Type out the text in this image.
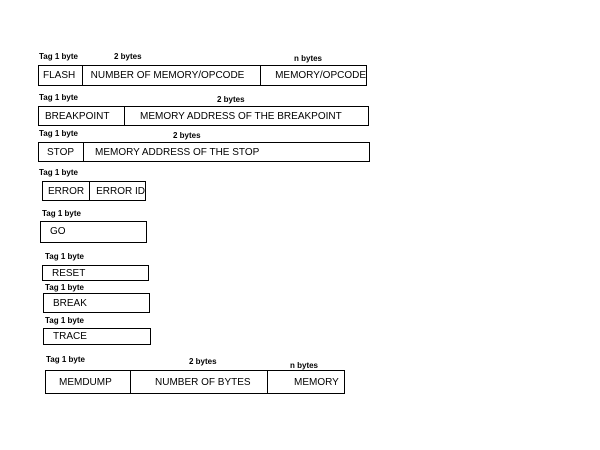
Tag 1 byte	2 bytes	n bytes
FLASH	NUMBER OF MEMORY/OPCODE	MEMORY/OPCODE
Tag 1 byte	2 bytes
BREAKPOINT	MEMORY ADDRESS OF THE BREAKPOINT
Tag 1 byte	2 bytes
STOP	MEMORY ADDRESS OF THE STOP
Tag 1 byte
ERROR	ERROR ID
Tag 1 byte
GO
Tag 1 byte
RESET
Tag 1 byte
BREAK
Tag 1 byte
TRACE
Tag 1 byte	2 bytes	n bytes
MEMDUMP	NUMBER OF BYTES	MEMORY
